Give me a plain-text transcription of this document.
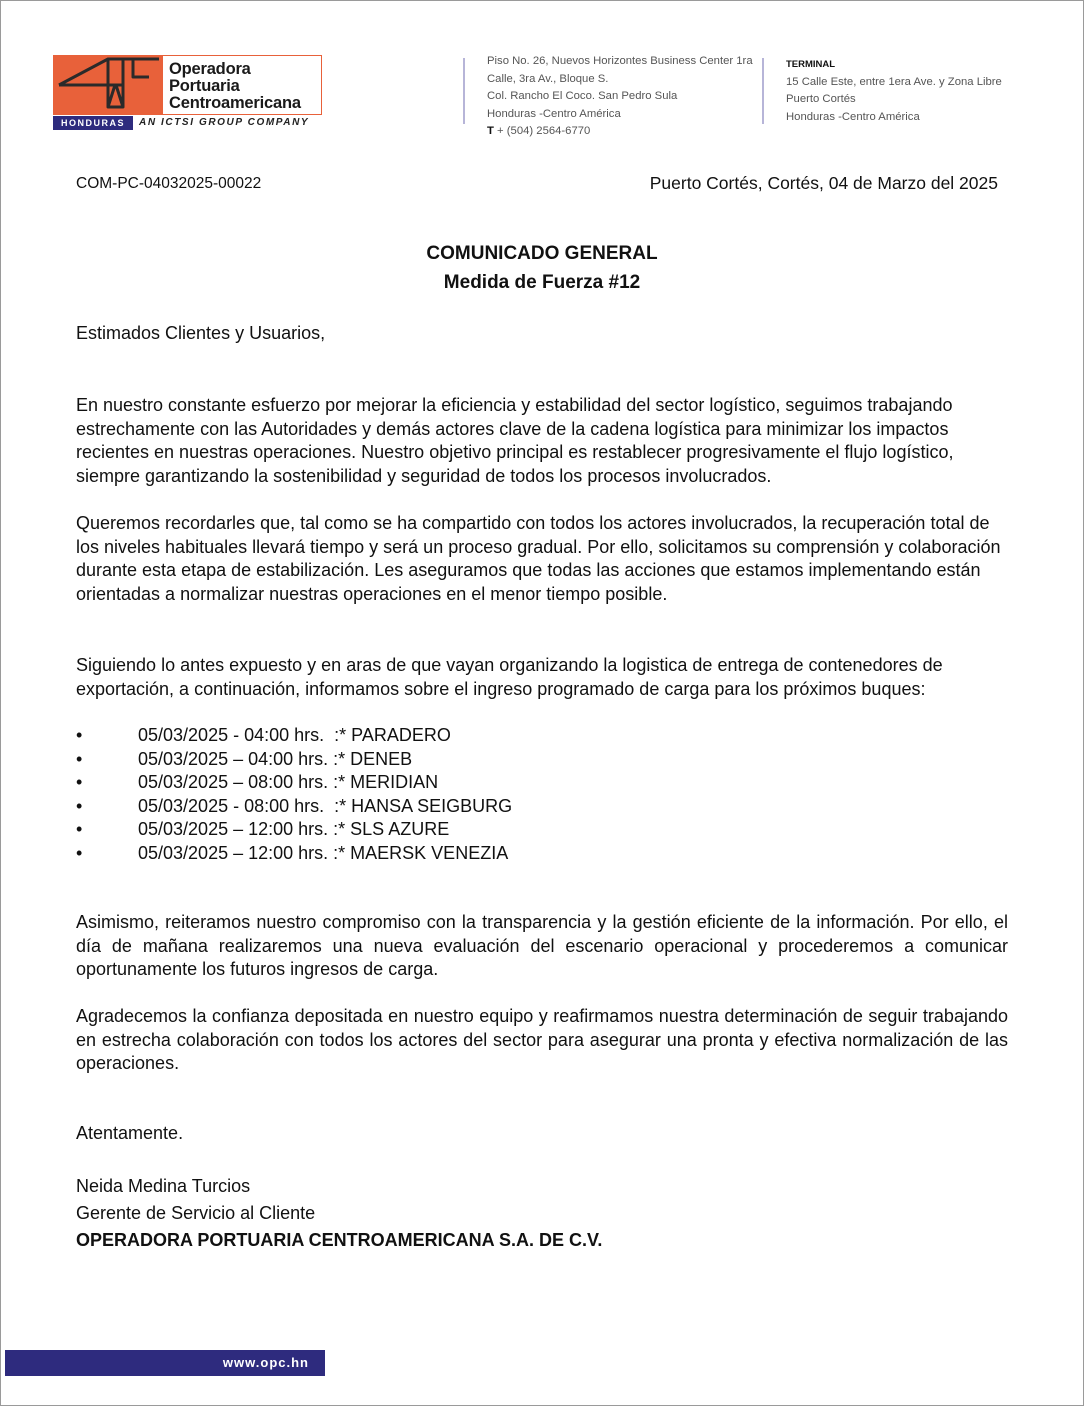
Operadora
Portuaria
Centroamericana
HONDURAS	AN ICTSI GROUP COMPANY
Piso No. 26, Nuevos Horizontes Business Center 1ra
Calle, 3ra Av., Bloque S.
Col. Rancho El Coco. San Pedro Sula
Honduras -Centro América
T + (504) 2564-6770
TERMINAL
15 Calle Este, entre 1era Ave. y Zona Libre
Puerto Cortés
Honduras -Centro América
COM-PC-04032025-00022	Puerto Cortés, Cortés, 04 de Marzo del 2025
COMUNICADO GENERAL
Medida de Fuerza #12
Estimados Clientes y Usuarios,
En nuestro constante esfuerzo por mejorar la eficiencia y estabilidad del sector logístico, seguimos trabajando estrechamente con las Autoridades y demás actores clave de la cadena logística para minimizar los impactos recientes en nuestras operaciones. Nuestro objetivo principal es restablecer progresivamente el flujo logístico, siempre garantizando la sostenibilidad y seguridad de todos los procesos involucrados.
Queremos recordarles que, tal como se ha compartido con todos los actores involucrados, la recuperación total de los niveles habituales llevará tiempo y será un proceso gradual. Por ello, solicitamos su comprensión y colaboración durante esta etapa de estabilización. Les aseguramos que todas las acciones que estamos implementando están orientadas a normalizar nuestras operaciones en el menor tiempo posible.
Siguiendo lo antes expuesto y en aras de que vayan organizando la logistica de entrega de contenedores de exportación, a continuación, informamos sobre el ingreso programado de carga para los próximos buques:
•	05/03/2025 - 04:00 hrs.  :* PARADERO
•	05/03/2025 – 04:00 hrs. :* DENEB
•	05/03/2025 – 08:00 hrs. :* MERIDIAN
•	05/03/2025 - 08:00 hrs.  :* HANSA SEIGBURG
•	05/03/2025 – 12:00 hrs. :* SLS AZURE
•	05/03/2025 – 12:00 hrs. :* MAERSK VENEZIA
Asimismo, reiteramos nuestro compromiso con la transparencia y la gestión eficiente de la información. Por ello, el día de mañana realizaremos una nueva evaluación del escenario operacional y procederemos a comunicar oportunamente los futuros ingresos de carga.
Agradecemos la confianza depositada en nuestro equipo y reafirmamos nuestra determinación de seguir trabajando en estrecha colaboración con todos los actores del sector para asegurar una pronta y efectiva normalización de las operaciones.
Atentamente.
Neida Medina Turcios
Gerente de Servicio al Cliente
OPERADORA PORTUARIA CENTROAMERICANA S.A. DE C.V.
www.opc.hn
